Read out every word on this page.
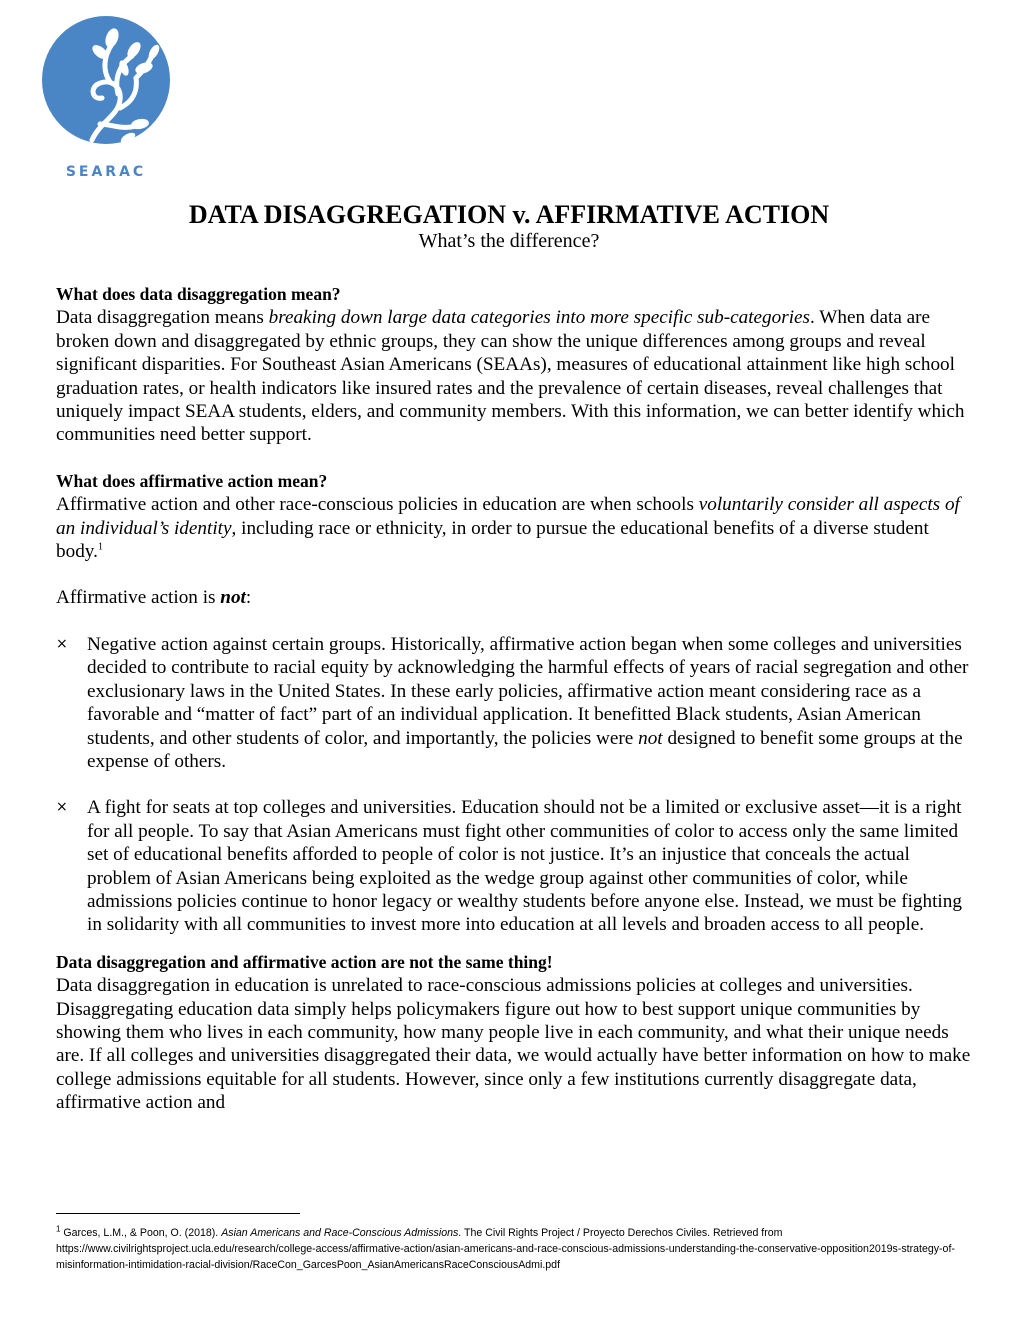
SEARAC
DATA DISAGGREGATION v. AFFIRMATIVE ACTION
What’s the difference?

What does data disaggregation mean?

Data disaggregation means breaking down large data categories into more specific sub-categories. When data are broken down and disaggregated by ethnic groups, they can show the unique differences among groups and reveal significant disparities. For Southeast Asian Americans (SEAAs), measures of educational attainment like high school graduation rates, or health indicators like insured rates and the prevalence of certain diseases, reveal challenges that uniquely impact SEAA students, elders, and community members. With this information, we can better identify which communities need better support.

What does affirmative action mean?

Affirmative action and other race-conscious policies in education are when schools voluntarily consider all aspects of an individual’s identity, including race or ethnicity, in order to pursue the educational benefits of a diverse student body.$^1$

Affirmative action is not:

× Negative action against certain groups. Historically, affirmative action began when some colleges and universities decided to contribute to racial equity by acknowledging the harmful effects of years of racial segregation and other exclusionary laws in the United States. In these early policies, affirmative action meant considering race as a favorable and “matter of fact” part of an individual application. It benefitted Black students, Asian American students, and other students of color, and importantly, the policies were not designed to benefit some groups at the expense of others.
× A fight for seats at top colleges and universities. Education should not be a limited or exclusive asset—it is a right for all people. To say that Asian Americans must fight other communities of color to access only the same limited set of educational benefits afforded to people of color is not justice. It’s an injustice that conceals the actual problem of Asian Americans being exploited as the wedge group against other communities of color, while admissions policies continue to honor legacy or wealthy students before anyone else. Instead, we must be fighting in solidarity with all communities to invest more into education at all levels and broaden access to all people.

Data disaggregation and affirmative action are not the same thing!

Data disaggregation in education is unrelated to race-conscious admissions policies at colleges and universities. Disaggregating education data simply helps policymakers figure out how to best support unique communities by showing them who lives in each community, how many people live in each community, and what their unique needs are. If all colleges and universities disaggregated their data, we would actually have better information on how to make college admissions equitable for all students. However, since only a few institutions currently disaggregate data, affirmative action and

$^1$ Garces, L.M., & Poon, O. (2018). Asian Americans and Race-Conscious Admissions. The Civil Rights Project / Proyecto Derechos Civiles. Retrieved from https://www.civilrightsproject.ucla.edu/research/college-access/affirmative-action/asian-americans-and-race-conscious-admissions-understanding-the-conservative-opposition2019s-strategy-of-misinformation-intimidation-racial-division/RaceCon_GarcesPoon_AsianAmericansRaceConsciousAdmi.pdf
